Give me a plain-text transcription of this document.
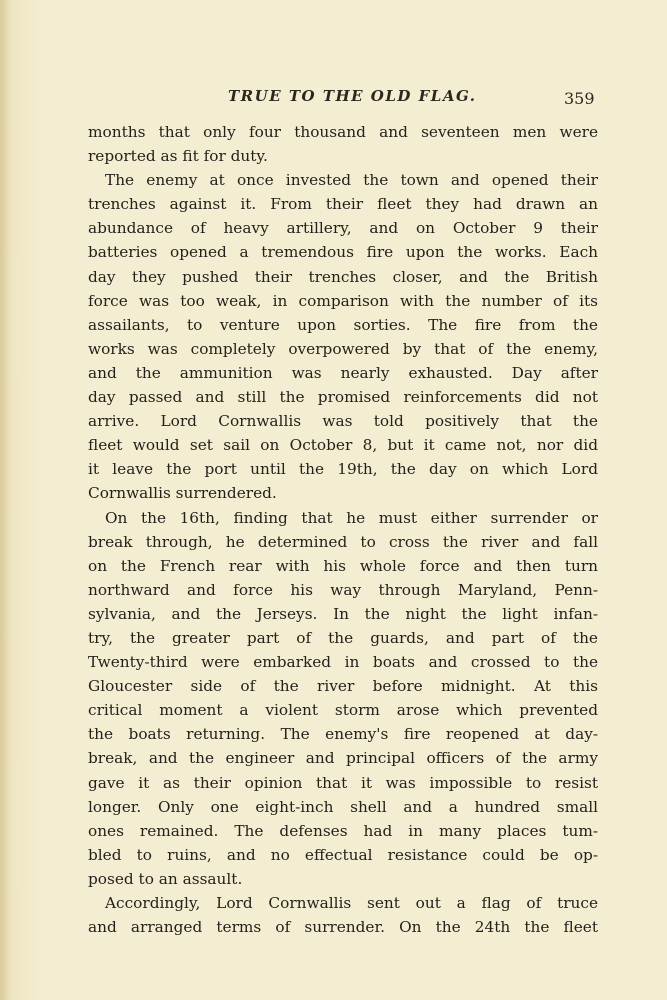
TRUE TO THE OLD FLAG.	359
months that only four thousand and seventeen men were
reported as fit for duty.
The enemy at once invested the town and opened their
trenches against it. From their fleet they had drawn an
abundance of heavy artillery, and on October 9 their
batteries opened a tremendous fire upon the works. Each
day they pushed their trenches closer, and the British
force was too weak, in comparison with the number of its
assailants, to venture upon sorties. The fire from the
works was completely overpowered by that of the enemy,
and the ammunition was nearly exhausted. Day after
day passed and still the promised reinforcements did not
arrive. Lord Cornwallis was told positively that the
fleet would set sail on October 8, but it came not, nor did
it leave the port until the 19th, the day on which Lord
Cornwallis surrendered.
On the 16th, finding that he must either surrender or
break through, he determined to cross the river and fall
on the French rear with his whole force and then turn
northward and force his way through Maryland, Penn-
sylvania, and the Jerseys. In the night the light infan-
try, the greater part of the guards, and part of the
Twenty-third were embarked in boats and crossed to the
Gloucester side of the river before midnight. At this
critical moment a violent storm arose which prevented
the boats returning. The enemy's fire reopened at day-
break, and the engineer and principal officers of the army
gave it as their opinion that it was impossible to resist
longer. Only one eight-inch shell and a hundred small
ones remained. The defenses had in many places tum-
bled to ruins, and no effectual resistance could be op-
posed to an assault.
Accordingly, Lord Cornwallis sent out a flag of truce
and arranged terms of surrender. On the 24th the fleet
